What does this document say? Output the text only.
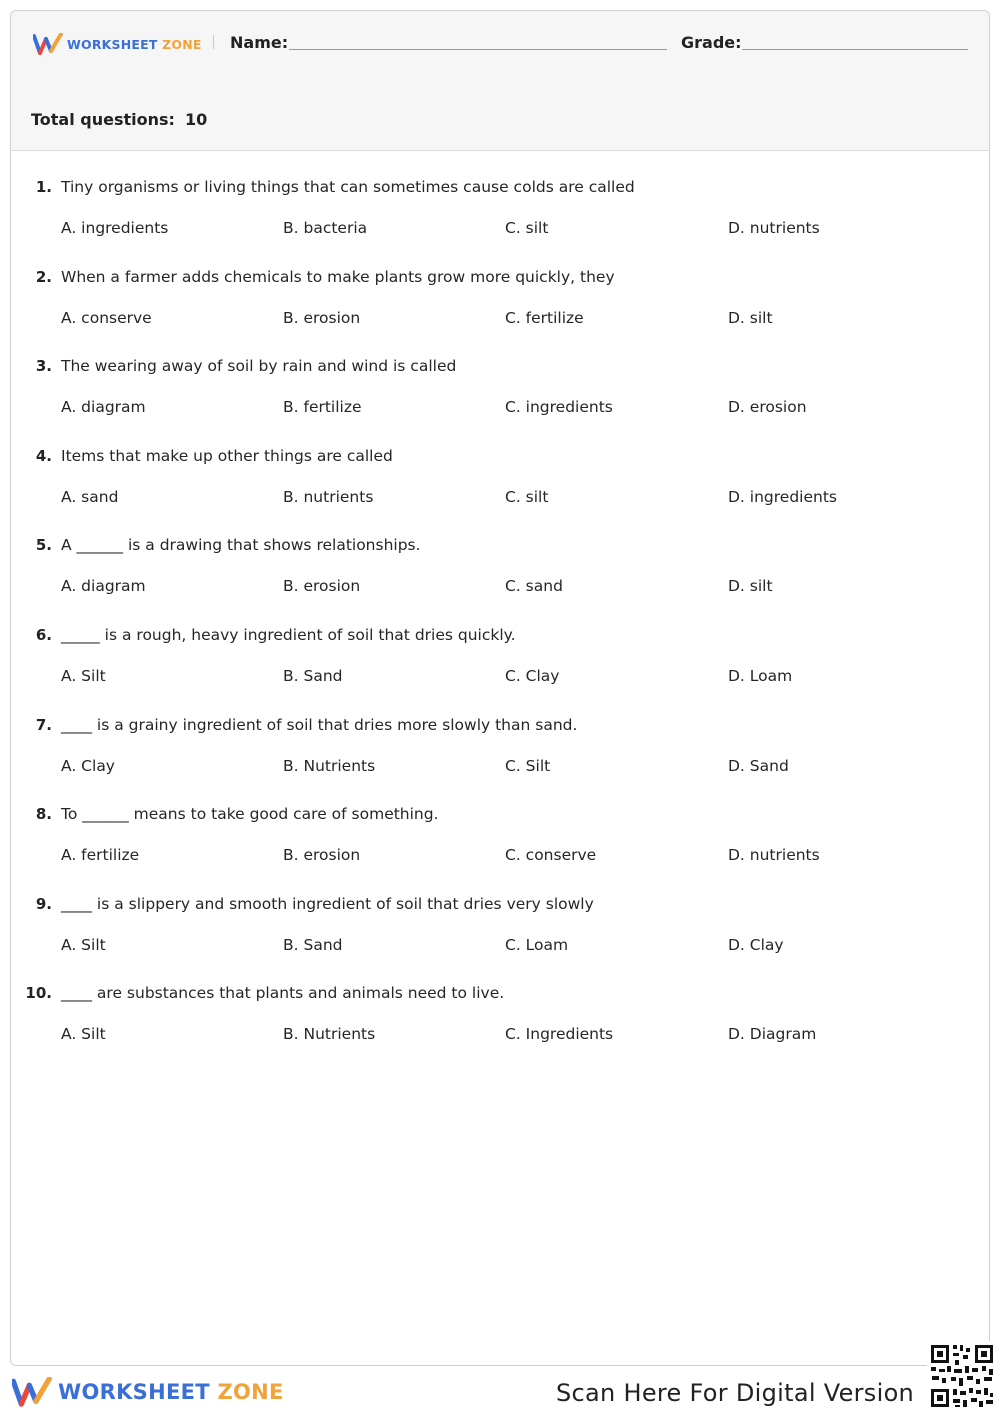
WORKSHEET ZONE Name:	Grade:
Total questions: 10
1. Tiny organisms or living things that can sometimes cause colds are called
A. ingredients	B. bacteria	C. silt	D. nutrients
2. When a farmer adds chemicals to make plants grow more quickly, they
A. conserve	B. erosion	C. fertilize	D. silt
3. The wearing away of soil by rain and wind is called
A. diagram	B. fertilize	C. ingredients	D. erosion
4. Items that make up other things are called
A. sand	B. nutrients	C. silt	D. ingredients
5. A ______ is a drawing that shows relationships.
A. diagram	B. erosion	C. sand	D. silt
6. _____ is a rough, heavy ingredient of soil that dries quickly.
A. Silt	B. Sand	C. Clay	D. Loam
7. ____ is a grainy ingredient of soil that dries more slowly than sand.
A. Clay	B. Nutrients	C. Silt	D. Sand
8. To ______ means to take good care of something.
A. fertilize	B. erosion	C. conserve	D. nutrients
9. ____ is a slippery and smooth ingredient of soil that dries very slowly
A. Silt	B. Sand	C. Loam	D. Clay
10. ____ are substances that plants and animals need to live.
A. Silt	B. Nutrients	C. Ingredients	D. Diagram
WORKSHEET ZONE	Scan Here For Digital Version
